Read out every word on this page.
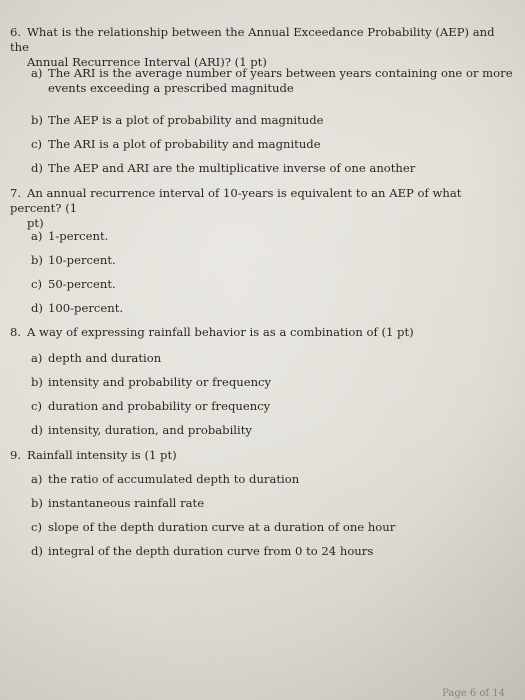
6. What is the relationship between the Annual Exceedance Probability (AEP) and the
Annual Recurrence Interval (ARI)? (1 pt)
a) The ARI is the average number of years between years containing one or more
events exceeding a prescribed magnitude
b) The AEP is a plot of probability and magnitude
c) The ARI is a plot of probability and magnitude
d) The AEP and ARI are the multiplicative inverse of one another
7. An annual recurrence interval of 10-years is equivalent to an AEP of what percent? (1
pt)
a) 1-percent.
b) 10-percent.
c) 50-percent.
d) 100-percent.
8. A way of expressing rainfall behavior is as a combination of (1 pt)
a) depth and duration
b) intensity and probability or frequency
c) duration and probability or frequency
d) intensity, duration, and probability
9. Rainfall intensity is (1 pt)
a) the ratio of accumulated depth to duration
b) instantaneous rainfall rate
c) slope of the depth duration curve at a duration of one hour
d) integral of the depth duration curve from 0 to 24 hours
Page 6 of 14
